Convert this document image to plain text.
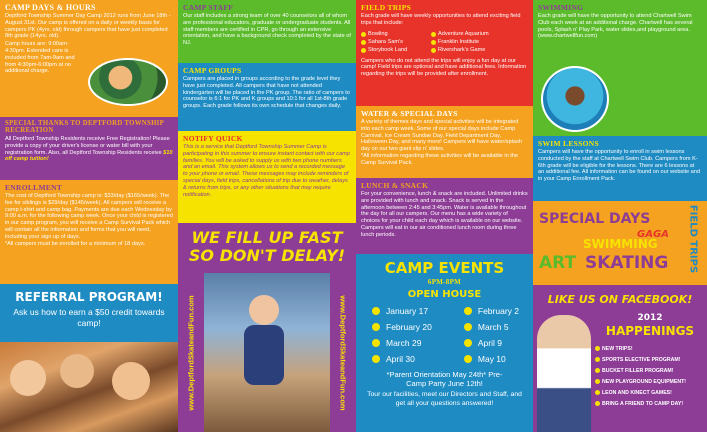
CAMP DAYS & HOURS
Deptford Township Summer Day Camp 2012 runs from June 18th - August 31st. Our camp is offered on a daily or weekly basis for campers PK (4yrs. old) through campers that have just completed 8th grade (14yrs. old).
Camp hours are: 9:00am- 4:30pm. Extended care is included from 7am-9am and from 4:30pm-6:00pm at no additional charge.
SPECIAL THANKS TO DEPTFORD TOWNSHIP RECREATION
All Deptford Township Residents receive Free Registration! Please provide a copy of your driver's license or water bill with your registration form. Also, all Deptford Township Residents receive $10 off camp tuition!
ENROLLMENT
The cost of Deptford Township camp is: $33/day ($165/week). The fee for siblings is $29/day ($145/week). All campers will receive a camp t-shirt and camp bag. Payments are due each Wednesday by 9:00 a.m. for the following camp week. Once your child is registered in our camp program, you will receive a Camp Survival Pack which will contain all the information and forms that you will need, including your sign up of days.
*All campers must be enrolled for a minimum of 18 days.
REFERRAL PROGRAM!
Ask us how to earn a $50 credit towards camp!
CAMP STAFF
Our staff includes a strong team of over 40 counselors all of whom are professional educators, graduate or undergraduate students. All staff members are certified in CPR, go through an extensive orientation, and have a background check completed by the state of NJ.
CAMP GROUPS
Campers are placed in groups according to the grade level they have just completed. All campers that have not attended kindergarten will be placed in the PK group. The ratio of campers to counselor is 6:1 for PK and K groups and 10:1 for all 1st-8th grade groups. Each grade follows its own schedule that changes daily.
NOTIFY QUICK
This is a service that Deptford Township Summer Camp is participating in this summer to ensure instant contact with our camp families. You will be asked to supply us with two phone numbers and an email. This system allows us to send a recorded message to your phone or email. These messages may include reminders of special days, field trips, cancellations of trip due to weather, delays & returns from trips, or any other situations that may require notification.
WE FILL UP FAST
SO DON'T DELAY!
www.DeptfordSkateandFun.com	www.DeptfordSkateandFun.com
FIELD TRIPS
Each grade will have weekly opportunities to attend exciting field trips that include:
Bowling
Sahara Sam's
Storybook Land
Adventure Aquarium
Franklin Institute
Rivershark's Game
Campers who do not attend the trips will enjoy a fun day at our camp! Field trips are optional and have additional fees. Information regarding the trips will be provided after enrollment.
WATER & SPECIAL DAYS
A variety of themes days and special activities will be integrated into each camp week. Some of our special days include Camp Carnival, Ice Cream Sundae Day, Field Department Day, Halloween Day, and many more! Campers will have water/splash day on our two giant slip n' slides.
*All information regarding these activities will be available in the Camp Survival Pack.
LUNCH & SNACK
For your convenience, lunch & snack are included. Unlimited drinks are provided with lunch and snack. Snack is served in the afternoon between 2:45 and 3:45pm. Water is available throughout the day for all our campers. Our menu has a wide variety of choices for your child each day which is available on our website. Campers will eat in our air conditioned lunch room during three lunch periods.
CAMP EVENTS
6PM-8PM
OPEN HOUSE
January 17
February 20
March 29
April 30
February 2
March 5
April 9
May 10
*Parent Orientation May 24th* Pre-Camp Party June 12th!
Tour our facilities, meet our Directors and Staff, and get all your questions answered!
SWIMMING
Each grade will have the opportunity to attend Chartwell Swim Club each week at an additional charge. Chartwell has several pools, Splash n' Play Park, water slides,and playground area. (www.chartwellfun.com)
SWIM LESSONS
Campers will have the opportunity to enroll in swim lessons conducted by the staff at Chartwell Swim Club. Campers from K-6th grade will be eligible for the lessons. There are 6 lessons at an additional fee. All information can be found on our website and in your Camp Enrollment Pack.
SPECIAL DAYS
GAGA
SWIMMING
ART SKATING FIELD TRIPS
LIKE US ON FACEBOOK!
2012
HAPPENINGS
NEW TRIPS!
SPORTS ELECTIVE PROGRAM!
BUCKET FILLER PROGRAM!
NEW PLAYGROUND EQUIPMENT!
LEON AND KINECT GAMES!
BRING A FRIEND TO CAMP DAY!
